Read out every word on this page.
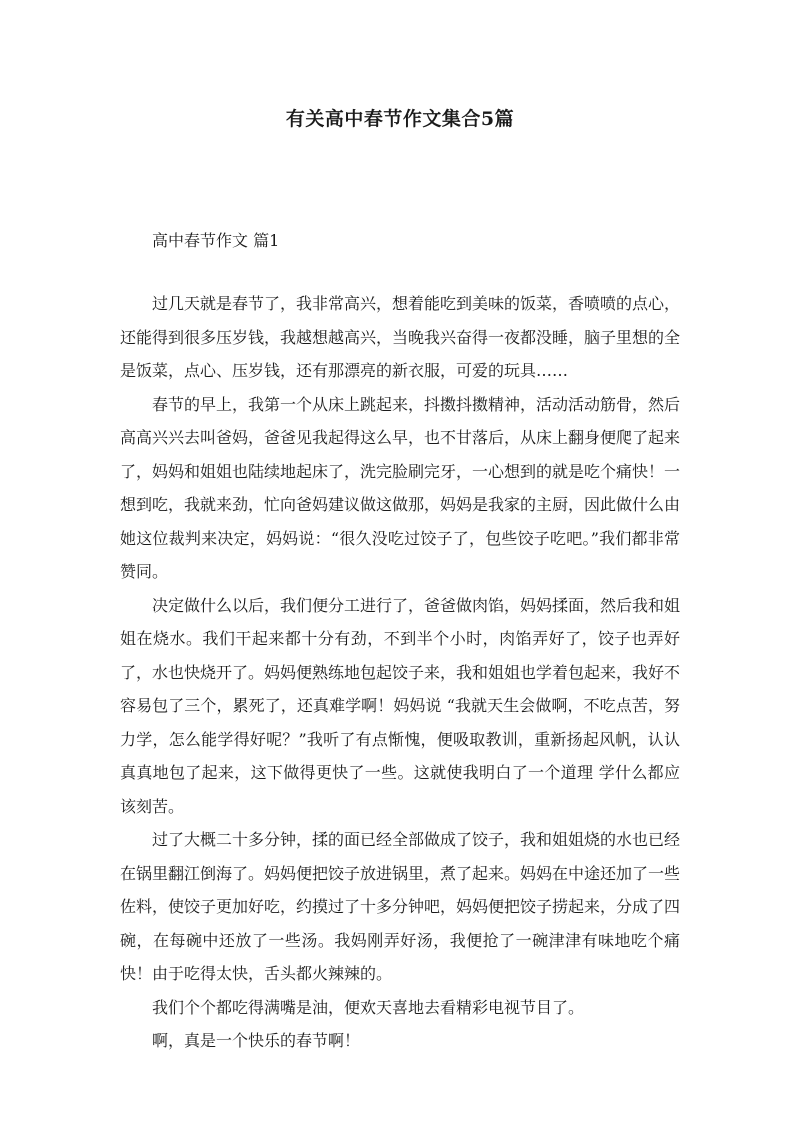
有关高中春节作文集合5篇
高中春节作文 篇1

过几天就是春节了，我非常高兴，想着能吃到美味的饭菜，香喷喷的点心，还能得到很多压岁钱，我越想越高兴，当晚我兴奋得一夜都没睡，脑子里想的全是饭菜，点心、压岁钱，还有那漂亮的新衣服，可爱的玩具……

春节的早上，我第一个从床上跳起来，抖擞抖擞精神，活动活动筋骨，然后高高兴兴去叫爸妈，爸爸见我起得这么早，也不甘落后，从床上翻身便爬了起来了，妈妈和姐姐也陆续地起床了，洗完脸刷完牙，一心想到的就是吃个痛快！一想到吃，我就来劲，忙向爸妈建议做这做那，妈妈是我家的主厨，因此做什么由她这位裁判来决定，妈妈说：“很久没吃过饺子了，包些饺子吃吧。”我们都非常赞同。

决定做什么以后，我们便分工进行了，爸爸做肉馅，妈妈揉面，然后我和姐姐在烧水。我们干起来都十分有劲，不到半个小时，肉馅弄好了，饺子也弄好了，水也快烧开了。妈妈便熟练地包起饺子来，我和姐姐也学着包起来，我好不容易包了三个，累死了，还真难学啊！妈妈说 “我就天生会做啊，不吃点苦，努力学，怎么能学得好呢？”我听了有点惭愧，便吸取教训，重新扬起风帆，认认真真地包了起来，这下做得更快了一些。这就使我明白了一个道理 学什么都应该刻苦。

过了大概二十多分钟，揉的面已经全部做成了饺子，我和姐姐烧的水也已经在锅里翻江倒海了。妈妈便把饺子放进锅里，煮了起来。妈妈在中途还加了一些佐料，使饺子更加好吃，约摸过了十多分钟吧，妈妈便把饺子捞起来，分成了四碗，在每碗中还放了一些汤。我妈刚弄好汤，我便抢了一碗津津有味地吃个痛快！由于吃得太快，舌头都火辣辣的。

我们个个都吃得满嘴是油，便欢天喜地去看精彩电视节目了。

啊，真是一个快乐的春节啊！
